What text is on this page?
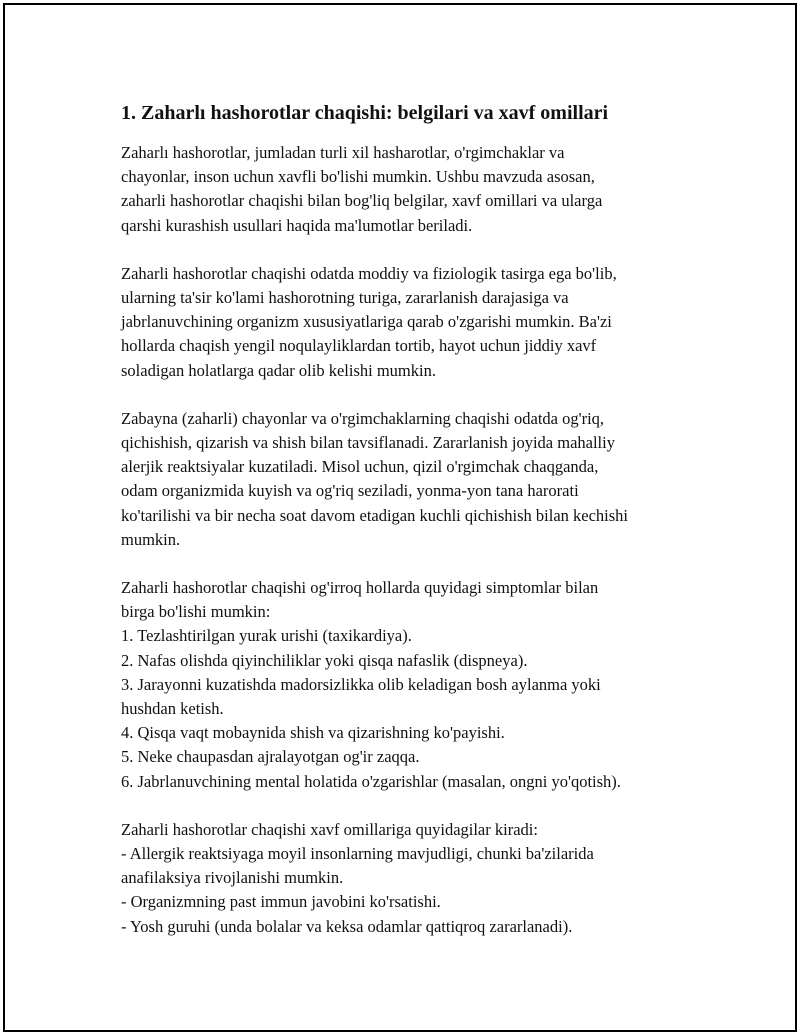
1. Zaharlı hashorotlar chaqishi: belgilari va xavf omillari
Zaharlı hashorotlar, jumladan turli xil hasharotlar, o'rgimchaklar va
chayonlar, inson uchun xavfli bo'lishi mumkin. Ushbu mavzuda asosan,
zaharli hashorotlar chaqishi bilan bog'liq belgilar, xavf omillari va ularga
qarshi kurashish usullari haqida ma'lumotlar beriladi.
Zaharli hashorotlar chaqishi odatda moddiy va fiziologik tasirga ega bo'lib,
ularning ta'sir ko'lami hashorotning turiga, zararlanish darajasiga va
jabrlanuvchining organizm xususiyatlariga qarab o'zgarishi mumkin. Ba'zi
hollarda chaqish yengil noqulayliklardan tortib, hayot uchun jiddiy xavf
soladigan holatlarga qadar olib kelishi mumkin.
Zabayna (zaharli) chayonlar va o'rgimchaklarning chaqishi odatda og'riq,
qichishish, qizarish va shish bilan tavsiflanadi. Zararlanish joyida mahalliy
alerjik reaktsiyalar kuzatiladi. Misol uchun, qizil o'rgimchak chaqganda,
odam organizmida kuyish va og'riq seziladi, yonma-yon tana harorati
ko'tarilishi va bir necha soat davom etadigan kuchli qichishish bilan kechishi
mumkin.
Zaharli hashorotlar chaqishi og'irroq hollarda quyidagi simptomlar bilan
birga bo'lishi mumkin:
1. Tezlashtirilgan yurak urishi (taxikardiya).
2. Nafas olishda qiyinchiliklar yoki qisqa nafaslik (dispneya).
3. Jarayonni kuzatishda madorsizlikka olib keladigan bosh aylanma yoki
hushdan ketish.
4. Qisqa vaqt mobaynida shish va qizarishning ko'payishi.
5. Neke chaupasdan ajralayotgan og'ir zaqqa.
6. Jabrlanuvchining mental holatida o'zgarishlar (masalan, ongni yo'qotish).
Zaharli hashorotlar chaqishi xavf omillariga quyidagilar kiradi:
- Allergik reaktsiyaga moyil insonlarning mavjudligi, chunki ba'zilarida
anafilaksiya rivojlanishi mumkin.
- Organizmning past immun javobini ko'rsatishi.
- Yosh guruhi (unda bolalar va keksa odamlar qattiqroq zararlanadi).
